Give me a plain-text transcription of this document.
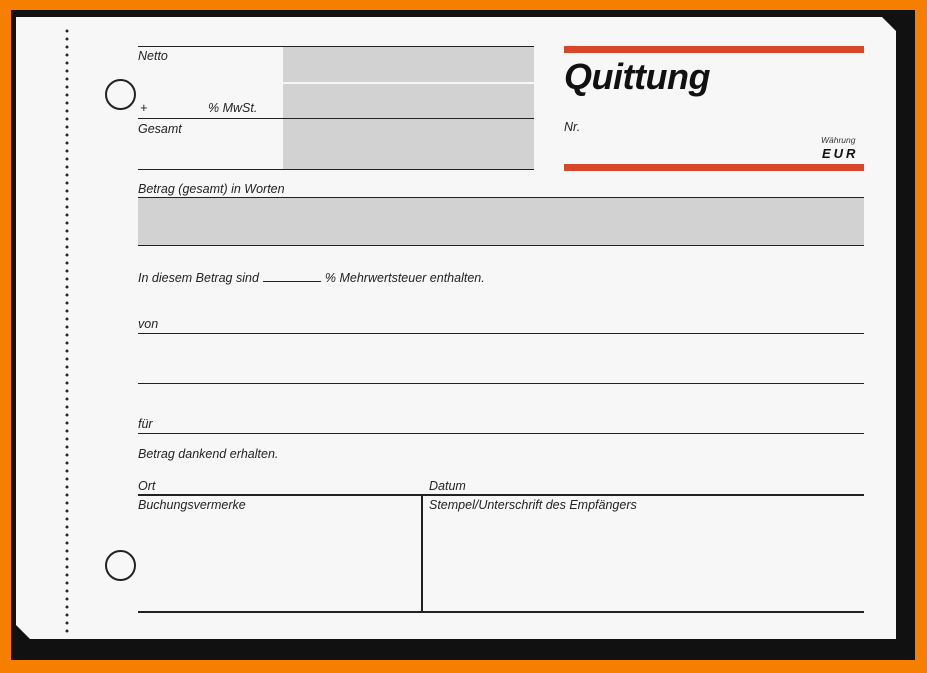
Netto
+	% MwSt.
Gesamt
Quittung
Nr.
Währung
EUR
Betrag (gesamt) in Worten
In diesem Betrag sind	% Mehrwertsteuer enthalten.
von
für
Betrag dankend erhalten.
Ort	Datum
Buchungsvermerke	Stempel/Unterschrift des Empfängers
